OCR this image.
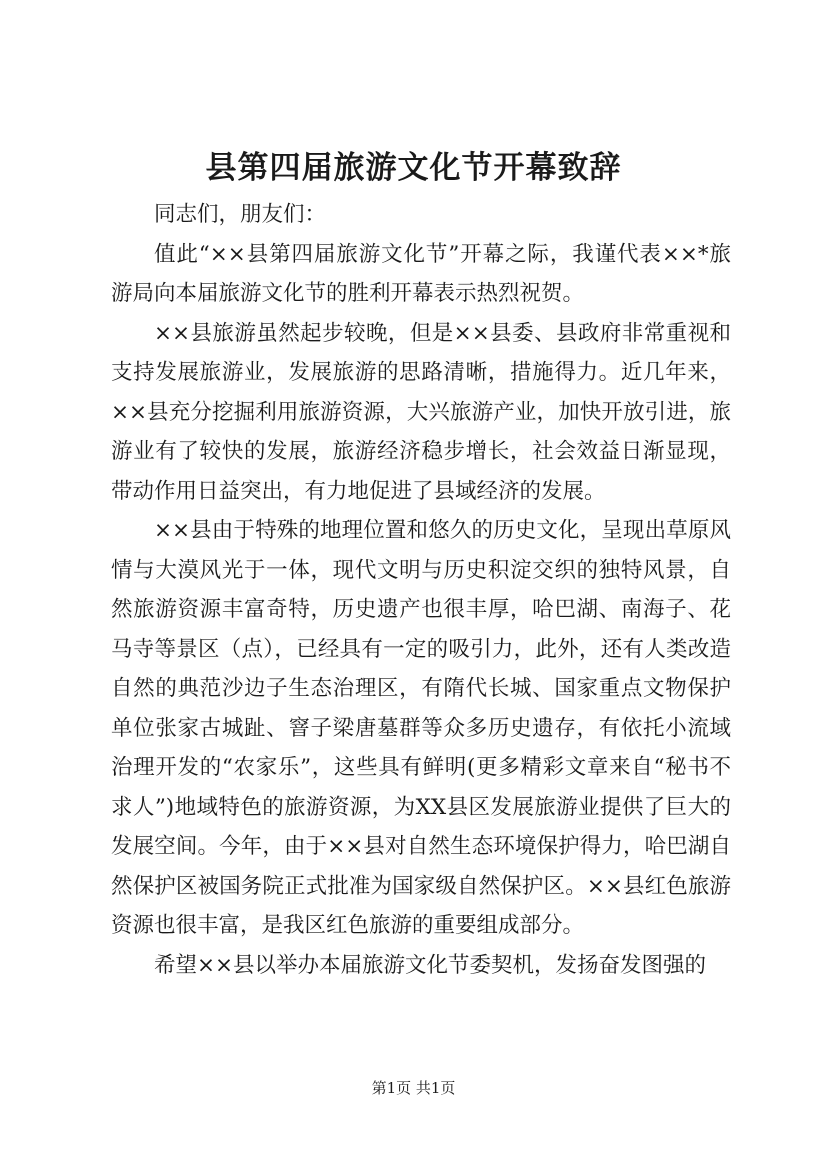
县第四届旅游文化节开幕致辞

同志们，朋友们：

值此“××县第四届旅游文化节”开幕之际，我谨代表××*旅游局向本届旅游文化节的胜利开幕表示热烈祝贺。

××县旅游虽然起步较晚，但是××县委、县政府非常重视和支持发展旅游业，发展旅游的思路清晰，措施得力。近几年来，××县充分挖掘利用旅游资源，大兴旅游产业，加快开放引进，旅游业有了较快的发展，旅游经济稳步增长，社会效益日渐显现，带动作用日益突出，有力地促进了县域经济的发展。

××县由于特殊的地理位置和悠久的历史文化，呈现出草原风情与大漠风光于一体，现代文明与历史积淀交织的独特风景，自然旅游资源丰富奇特，历史遗产也很丰厚，哈巴湖、南海子、花马寺等景区（点），已经具有一定的吸引力，此外，还有人类改造自然的典范沙边子生态治理区，有隋代长城、国家重点文物保护单位张家古城趾、窨子梁唐墓群等众多历史遗存，有依托小流域治理开发的“农家乐”，这些具有鲜明(更多精彩文章来自“秘书不求人”)地域特色的旅游资源，为XX县区发展旅游业提供了巨大的发展空间。今年，由于××县对自然生态环境保护得力，哈巴湖自然保护区被国务院正式批准为国家级自然保护区。××县红色旅游资源也很丰富，是我区红色旅游的重要组成部分。

希望××县以举办本届旅游文化节委契机，发扬奋发图强的

第1页 共1页
